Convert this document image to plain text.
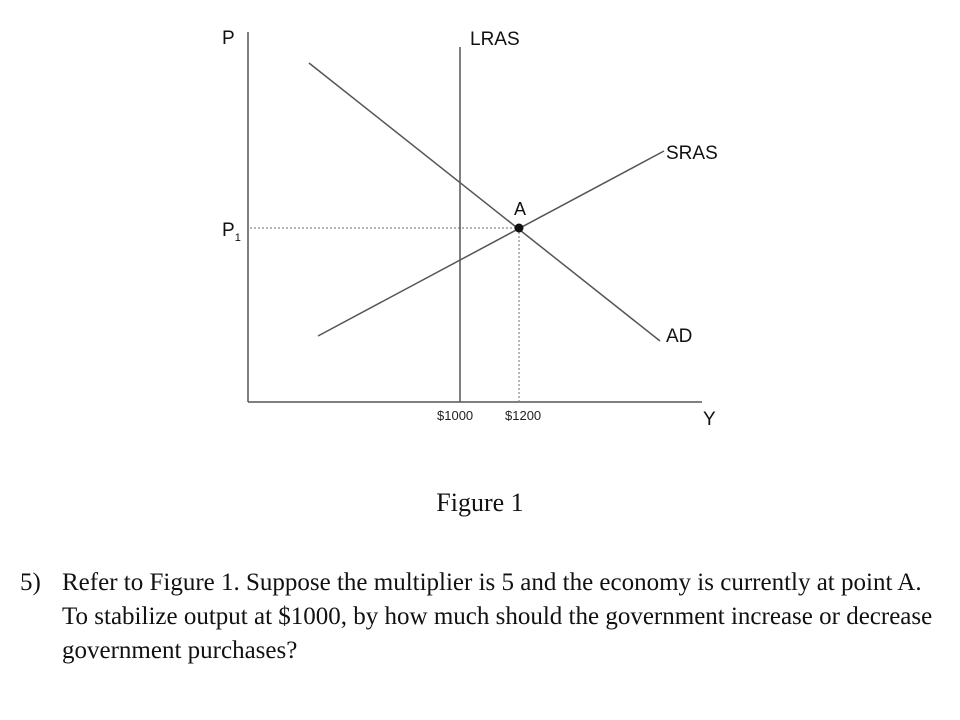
P
$P_1$
LRAS
SRAS
AD
A
Y
$1000 $1200
Figure 1
5) Refer to Figure 1. Suppose the multiplier is 5 and the economy is currently at point A. To stabilize output at $1000, by how much should the government increase or decrease government purchases?
